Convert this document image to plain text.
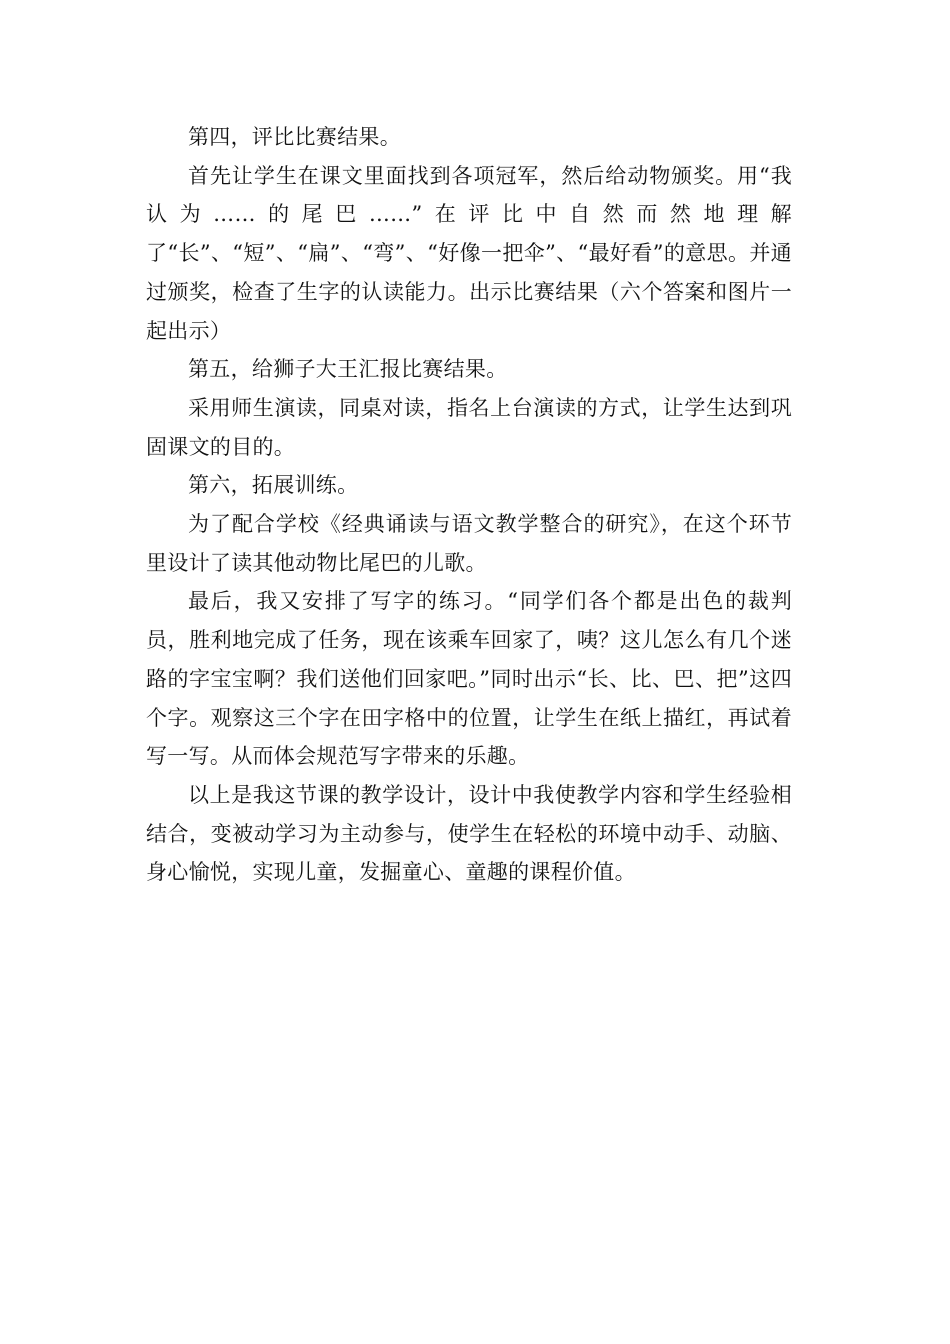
第四，评比比赛结果。

首先让学生在课文里面找到各项冠军，然后给动物颁奖。用“我认为……的尾巴……”在评比中自然而然地理解了“长”、“短”、“扁”、“弯”、“好像一把伞”、“最好看”的意思。并通过颁奖，检查了生字的认读能力。出示比赛结果（六个答案和图片一起出示）

第五，给狮子大王汇报比赛结果。

采用师生演读，同桌对读，指名上台演读的方式，让学生达到巩固课文的目的。

第六，拓展训练。

为了配合学校《经典诵读与语文教学整合的研究》，在这个环节里设计了读其他动物比尾巴的儿歌。

最后，我又安排了写字的练习。“同学们各个都是出色的裁判员，胜利地完成了任务，现在该乘车回家了，咦？这儿怎么有几个迷路的字宝宝啊？我们送他们回家吧。”同时出示“长、比、巴、把”这四个字。观察这三个字在田字格中的位置，让学生在纸上描红，再试着写一写。从而体会规范写字带来的乐趣。

以上是我这节课的教学设计，设计中我使教学内容和学生经验相结合，变被动学习为主动参与，使学生在轻松的环境中动手、动脑、身心愉悦，实现儿童，发掘童心、童趣的课程价值。
